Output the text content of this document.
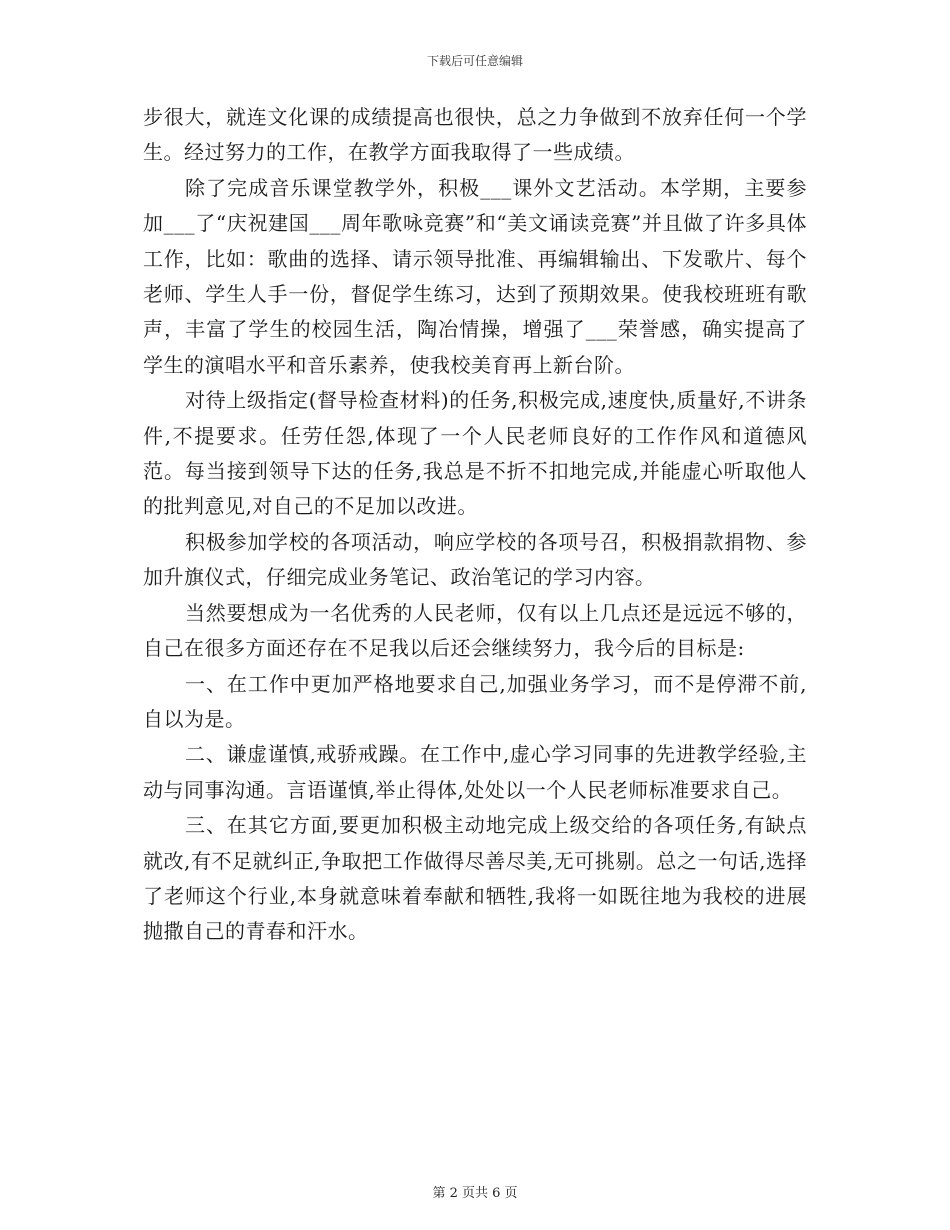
下载后可任意编辑

步很大，就连文化课的成绩提高也很快，总之力争做到不放弃任何一个学生。经过努力的工作，在教学方面我取得了一些成绩。

除了完成音乐课堂教学外，积极___课外文艺活动。本学期，主要参加___了“庆祝建国___周年歌咏竞赛”和“美文诵读竞赛”并且做了许多具体工作，比如：歌曲的选择、请示领导批准、再编辑输出、下发歌片、每个老师、学生人手一份，督促学生练习，达到了预期效果。使我校班班有歌声，丰富了学生的校园生活，陶冶情操，增强了___荣誉感，确实提高了学生的演唱水平和音乐素养，使我校美育再上新台阶。

对待上级指定(督导检查材料)的任务,积极完成,速度快,质量好,不讲条件,不提要求。任劳任怨,体现了一个人民老师良好的工作作风和道德风范。每当接到领导下达的任务,我总是不折不扣地完成,并能虚心听取他人的批判意见,对自己的不足加以改进。

积极参加学校的各项活动，响应学校的各项号召，积极捐款捐物、参加升旗仪式，仔细完成业务笔记、政治笔记的学习内容。

当然要想成为一名优秀的人民老师，仅有以上几点还是远远不够的，自己在很多方面还存在不足我以后还会继续努力，我今后的目标是:

一、在工作中更加严格地要求自己,加强业务学习，而不是停滞不前,自以为是。

二、谦虚谨慎,戒骄戒躁。在工作中,虚心学习同事的先进教学经验,主动与同事沟通。言语谨慎,举止得体,处处以一个人民老师标准要求自己。

三、在其它方面,要更加积极主动地完成上级交给的各项任务,有缺点就改,有不足就纠正,争取把工作做得尽善尽美,无可挑剔。总之一句话,选择了老师这个行业,本身就意味着奉献和牺牲,我将一如既往地为我校的进展抛撒自己的青春和汗水。

第 2 页共 6 页
